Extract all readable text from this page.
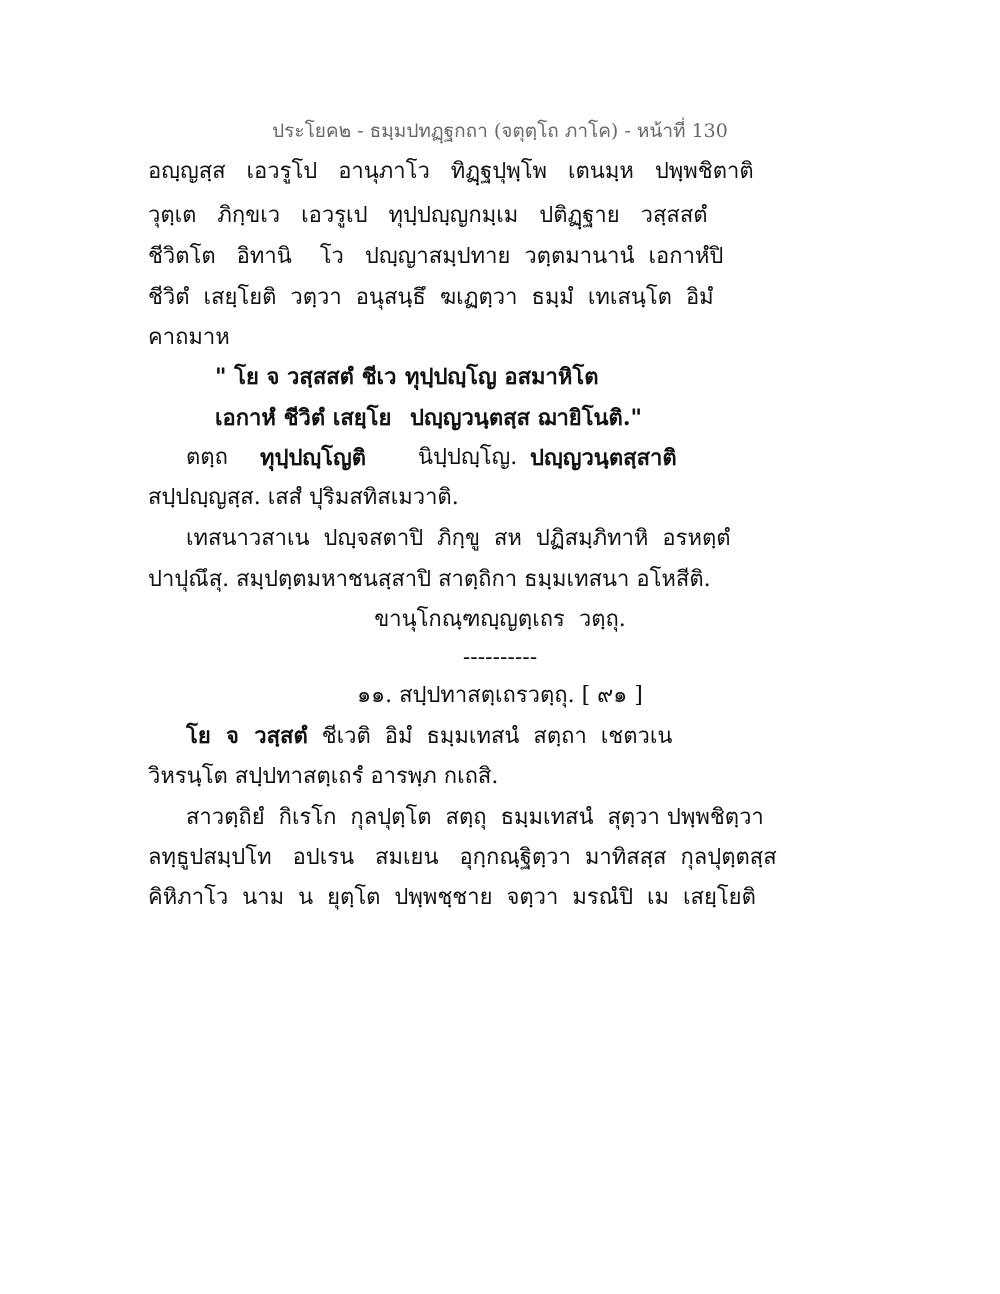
ประโยค๒ - ธมฺมปทฏฺฐกถา (จตุตฺโถ ภาโค) - หน้าที่ 130
อญฺญสฺส   เอวรูโป   อานุภาโว   ทิฏฺฐปุพฺโพ   เตนมฺห   ปพฺพชิตาติ
วุตฺเต   ภิกฺขเว   เอวรูเป   ทุปฺปญฺญกมฺเม   ปติฏฺฐาย   วสฺสสตํ
ชีวิตโต   อิทานิ    โว   ปญฺญาสมฺปทาย  วตฺตมานานํ  เอกาหํปิ
ชีวิตํ  เสยฺโยติ  วตฺวา  อนุสนฺธึ  ฆเฏตฺวา  ธมฺมํ  เทเสนฺโต  อิมํ
คาถมาห
" โย จ วสฺสสตํ ชีเว ทุปฺปญฺโญ อสมาหิโต
เอกาหํ ชีวิตํ เสยฺโย ปญฺญวนฺตสฺส ฌายิโนติ."
ตตฺถ ทุปฺปญฺโญติ นิปฺปญฺโญ. ปญฺญวนฺตสฺสาติ
สปฺปญฺญสฺส. เสสํ ปุริมสทิสเมวาติ.
เทสนาวสาเน  ปญฺจสตาปิ  ภิกฺขู  สห  ปฏิสมฺภิทาหิ  อรหตฺตํ
ปาปุณึสุ. สมฺปตฺตมหาชนสฺสาปิ สาตฺถิกา ธมฺมเทสนา อโหสีติ.
ขานุโกณฺฑญฺญตฺเถร  วตฺถุ.
----------
๑๑. สปฺปทาสตฺเถรวตฺถุ. [ ๙๑ ]
โย  จ  วสฺสตํ  ชีเวติ  อิมํ  ธมฺมเทสนํ  สตฺถา  เชตวเน
วิหรนฺโต สปฺปทาสตฺเถรํ อารพฺภ กเถสิ.
สาวตฺถิยํ  กิเรโก  กุลปุตฺโต  สตฺถุ  ธมฺมเทสนํ  สุตฺวา ปพฺพชิตฺวา
ลทฺธูปสมฺปโท   อปเรน   สมเยน   อุกฺกณฺฐิตฺวา  มาทิสสฺส  กุลปุตฺตสฺส
คิหิภาโว  นาม  น  ยุตฺโต  ปพฺพชฺชาย  จตฺวา  มรณํปิ  เม  เสยฺโยติ
